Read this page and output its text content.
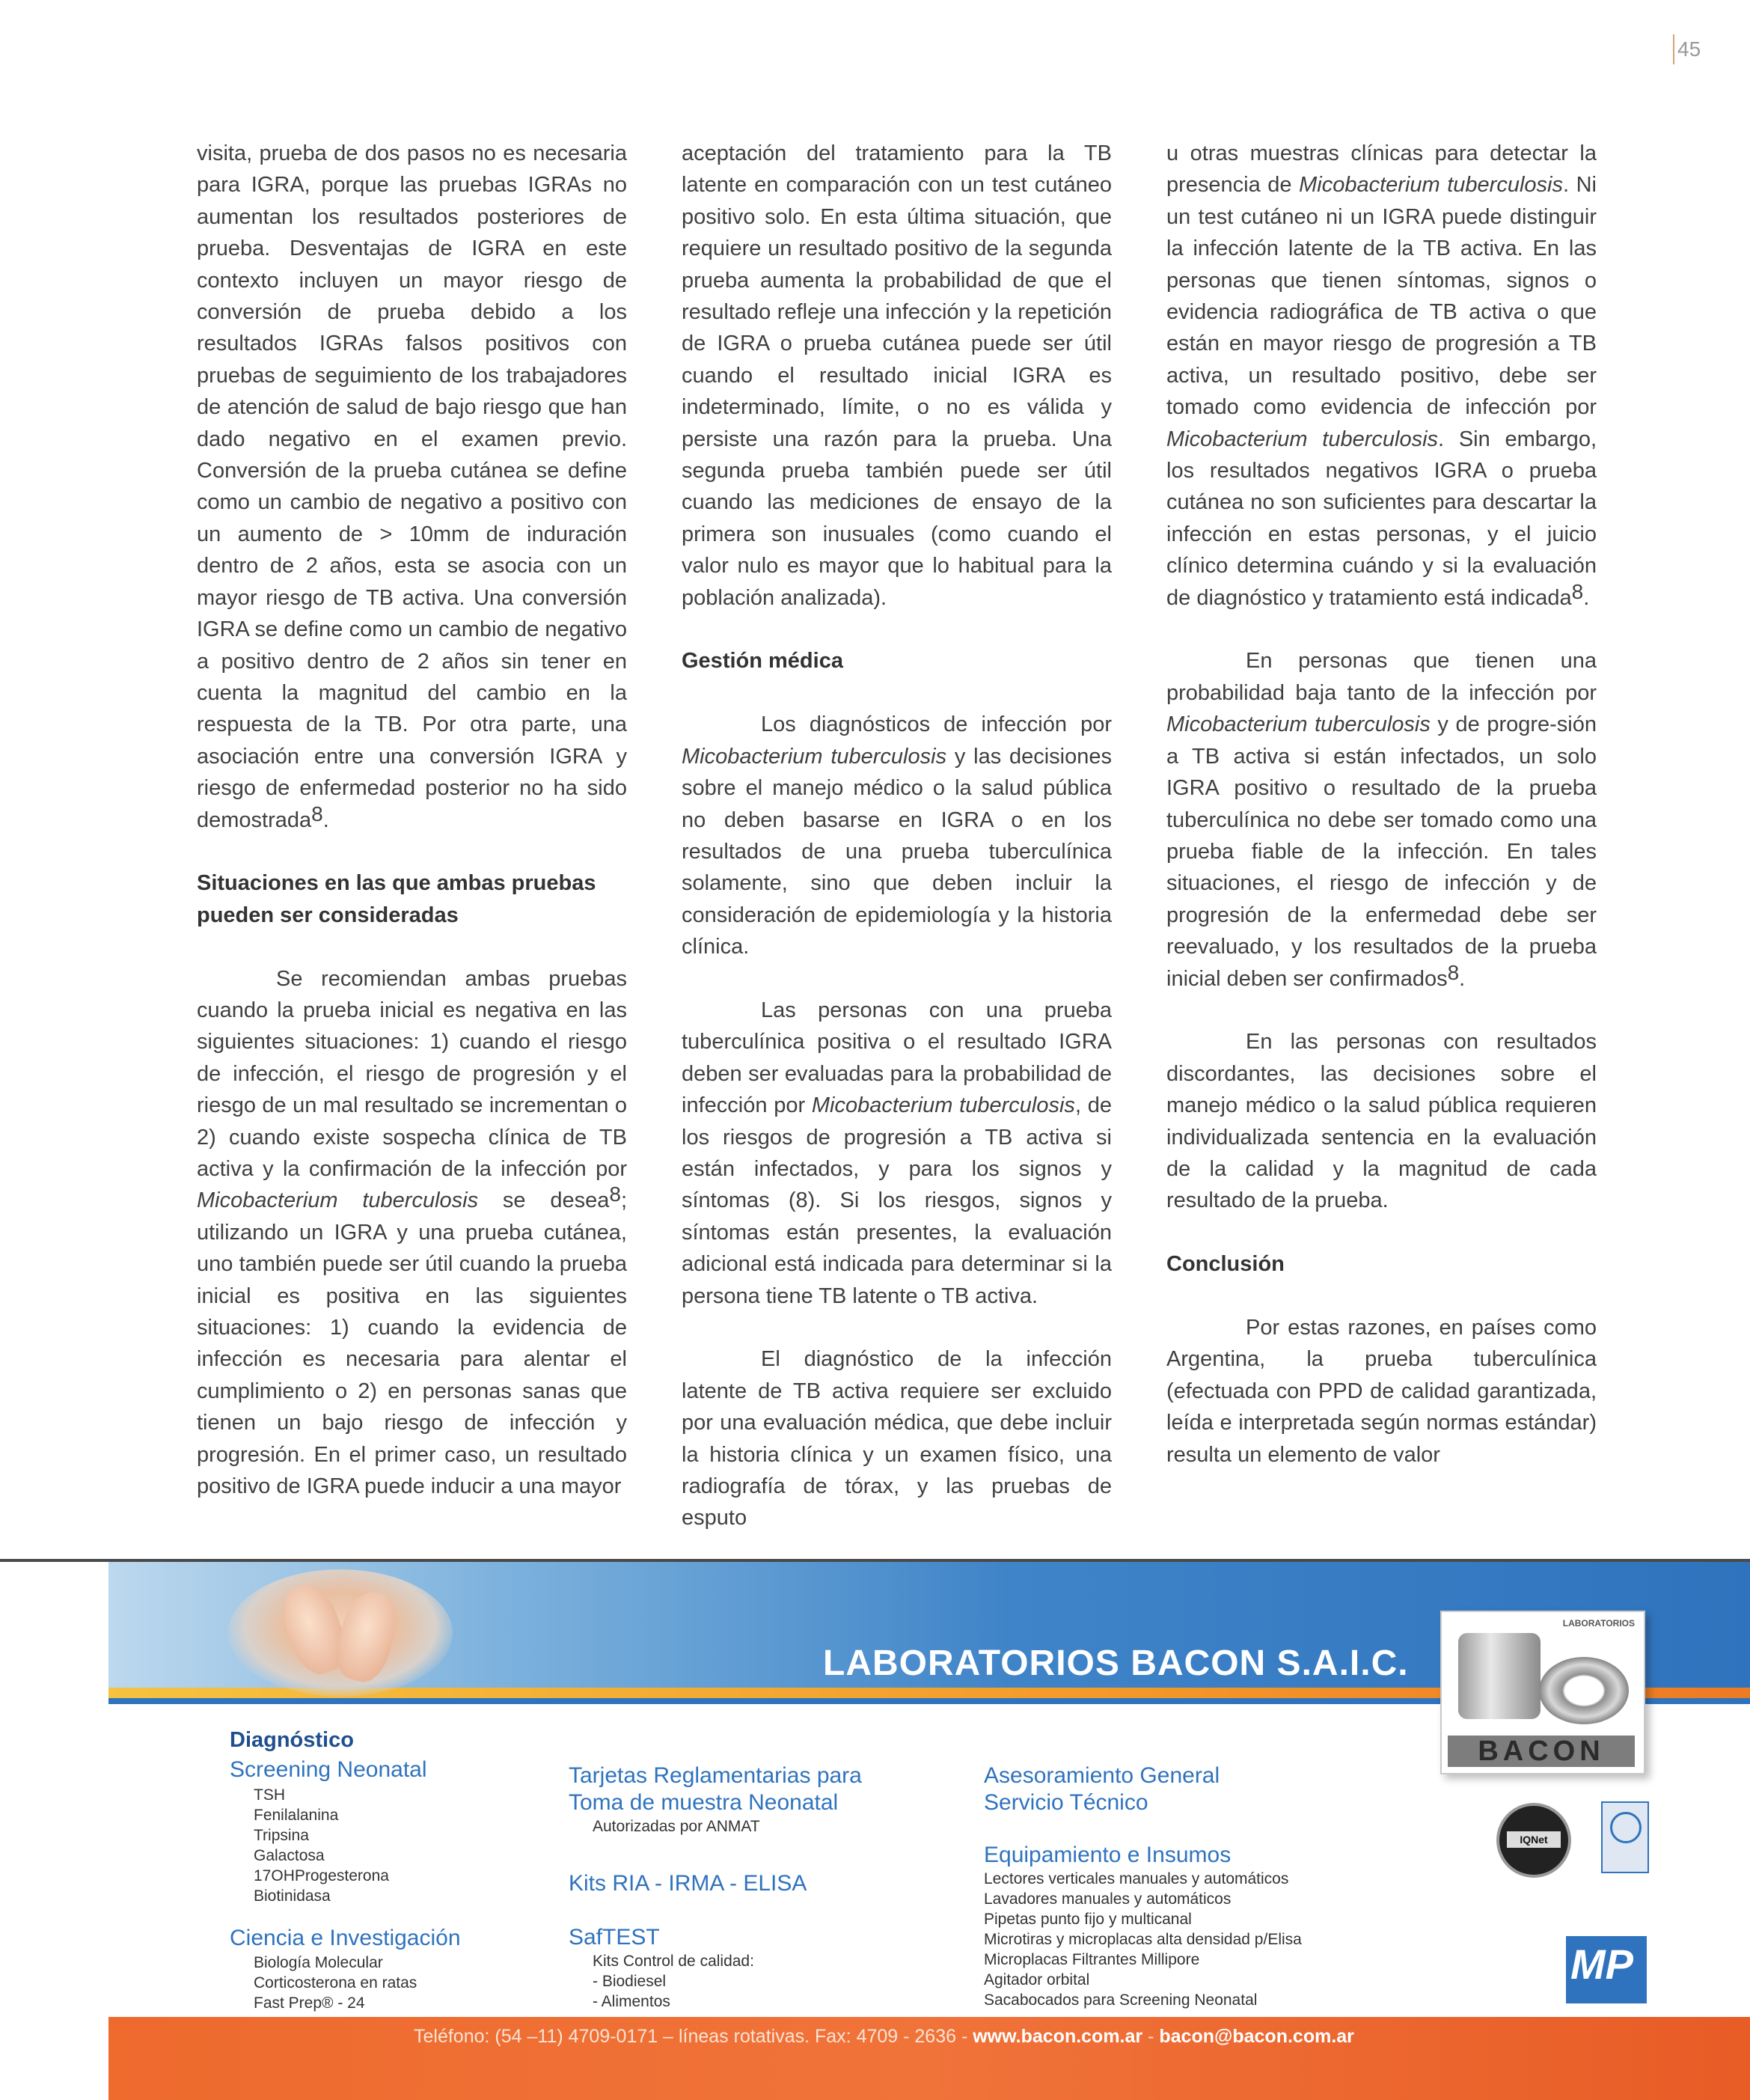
45

visita, prueba de dos pasos no es necesaria para IGRA, porque las pruebas IGRAs no aumentan los resultados posteriores de prueba. Desventajas de IGRA en este contexto incluyen un mayor riesgo de conversión de prueba debido a los resultados IGRAs falsos positivos con pruebas de seguimiento de los trabajadores de atención de salud de bajo riesgo que han dado negativo en el examen previo. Conversión de la prueba cutánea se define como un cambio de negativo a positivo con un aumento de > 10mm de induración dentro de 2 años, esta se asocia con un mayor riesgo de TB activa. Una conversión IGRA se define como un cambio de negativo a positivo dentro de 2 años sin tener en cuenta la magnitud del cambio en la respuesta de la TB. Por otra parte, una asociación entre una conversión IGRA y riesgo de enfermedad posterior no ha sido demostrada$^8$.

Situaciones en las que ambas pruebas pueden ser consideradas

Se recomiendan ambas pruebas cuando la prueba inicial es negativa en las siguientes situaciones: 1) cuando el riesgo de infección, el riesgo de progresión y el riesgo de un mal resultado se incrementan o 2) cuando existe sospecha clínica de TB activa y la confirmación de la infección por Micobacterium tuberculosis se desea$^8$; utilizando un IGRA y una prueba cutánea, uno también puede ser útil cuando la prueba inicial es positiva en las siguientes situaciones: 1) cuando la evidencia de infección es necesaria para alentar el cumplimiento o 2) en personas sanas que tienen un bajo riesgo de infección y progresión. En el primer caso, un resultado positivo de IGRA puede inducir a una mayor

aceptación del tratamiento para la TB latente en comparación con un test cutáneo positivo solo. En esta última situación, que requiere un resultado positivo de la segunda prueba aumenta la probabilidad de que el resultado refleje una infección y la repetición de IGRA o prueba cutánea puede ser útil cuando el resultado inicial IGRA es indeterminado, límite, o no es válida y persiste una razón para la prueba. Una segunda prueba también puede ser útil cuando las mediciones de ensayo de la primera son inusuales (como cuando el valor nulo es mayor que lo habitual para la población analizada).

Gestión médica

Los diagnósticos de infección por Micobacterium tuberculosis y las decisiones sobre el manejo médico o la salud pública no deben basarse en IGRA o en los resultados de una prueba tuberculínica solamente, sino que deben incluir la consideración de epidemiología y la historia clínica.

Las personas con una prueba tuberculínica positiva o el resultado IGRA deben ser evaluadas para la probabilidad de infección por Micobacterium tuberculosis, de los riesgos de progresión a TB activa si están infectados, y para los signos y síntomas (8). Si los riesgos, signos y síntomas están presentes, la evaluación adicional está indicada para determinar si la persona tiene TB latente o TB activa.

El diagnóstico de la infección latente de TB activa requiere ser excluido por una evaluación médica, que debe incluir la historia clínica y un examen físico, una radiografía de tórax, y las pruebas de esputo

u otras muestras clínicas para detectar la presencia de Micobacterium tuberculosis. Ni un test cutáneo ni un IGRA puede distinguir la infección latente de la TB activa. En las personas que tienen síntomas, signos o evidencia radiográfica de TB activa o que están en mayor riesgo de progresión a TB activa, un resultado positivo, debe ser tomado como evidencia de infección por Micobacterium tuberculosis. Sin embargo, los resultados negativos IGRA o prueba cutánea no son suficientes para descartar la infección en estas personas, y el juicio clínico determina cuándo y si la evaluación de diagnóstico y tratamiento está indicada$^8$.

En personas que tienen una probabilidad baja tanto de la infección por Micobacterium tuberculosis y de progre-sión a TB activa si están infectados, un solo IGRA positivo o resultado de la prueba tuberculínica no debe ser tomado como una prueba fiable de la infección. En tales situaciones, el riesgo de infección y de progresión de la enfermedad debe ser reevaluado, y los resultados de la prueba inicial deben ser confirmados$^8$.

En las personas con resultados discordantes, las decisiones sobre el manejo médico o la salud pública requieren individualizada sentencia en la evaluación de la calidad y la magnitud de cada resultado de la prueba.

Conclusión

Por estas razones, en países como Argentina, la prueba tuberculínica (efectuada con PPD de calidad garantizada, leída e interpretada según normas estándar) resulta un elemento de valor

LABORATORIOS BACON S.A.I.C.
LABORATORIOS
BACON
Diagnóstico
Screening Neonatal
TSH
Fenilalanina
Tripsina
Galactosa
17OHProgesterona
Biotinidasa
Ciencia e Investigación
Biología Molecular
Corticosterona en ratas
Fast Prep® - 24
Tarjetas Reglamentarias para
Toma de muestra Neonatal
Autorizadas por ANMAT
Kits RIA - IRMA - ELISA
SafTEST
Kits Control de calidad:
- Biodiesel
- Alimentos
Asesoramiento General
Servicio Técnico
Equipamiento e Insumos
Lectores verticales manuales y automáticos
Lavadores manuales y automáticos
Pipetas punto fijo y multicanal
Microtiras y microplacas alta densidad p/Elisa
Microplacas Filtrantes Millipore
Agitador orbital
Sacabocados para Screening Neonatal
IQNet
MP
Teléfono: (54 –11) 4709-0171 – líneas rotativas. Fax: 4709 - 2636 - www.bacon.com.ar - bacon@bacon.com.ar
